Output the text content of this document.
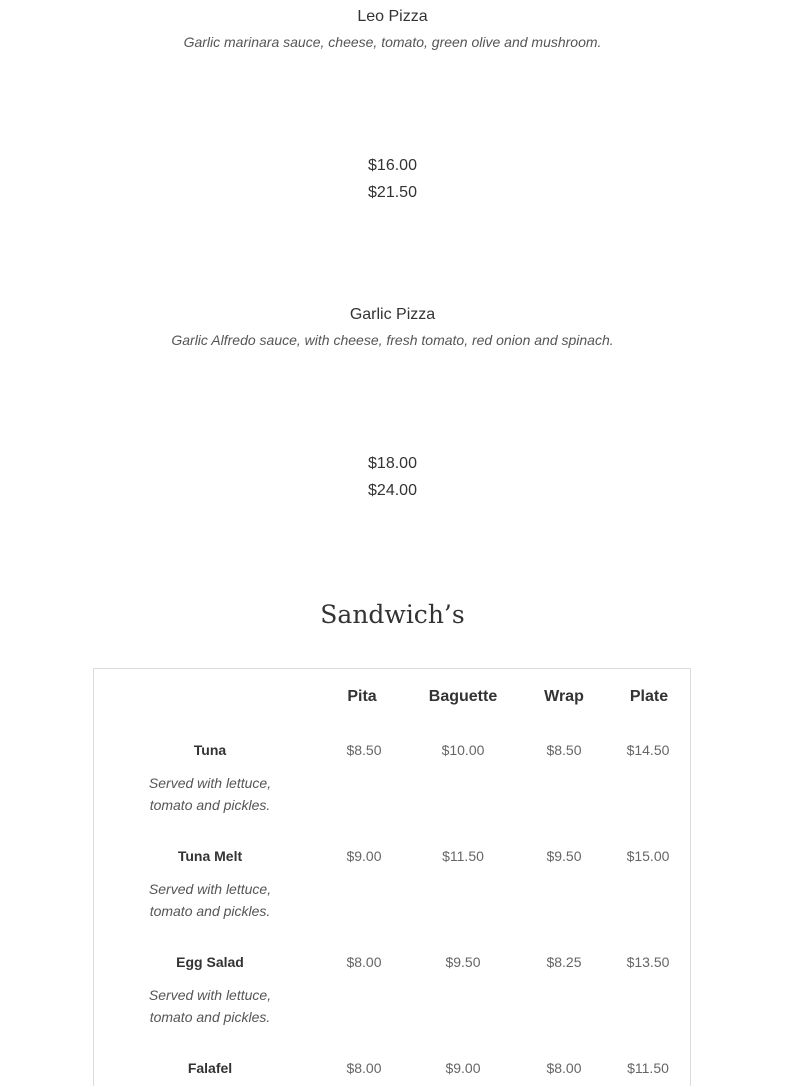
Leo Pizza
Garlic marinara sauce, cheese, tomato, green olive and mushroom.
$16.00
$21.50
Garlic Pizza
Garlic Alfredo sauce, with cheese, fresh tomato, red onion and spinach.
$18.00
$24.00
Sandwich’s
Pita	Baguette	Wrap	Plate
Tuna
Served with lettuce,
tomato and pickles.
$8.50	$10.00	$8.50	$14.50
Tuna Melt
Served with lettuce,
tomato and pickles.
$9.00	$11.50	$9.50	$15.00
Egg Salad
Served with lettuce,
tomato and pickles.
$8.00	$9.50	$8.25	$13.50
Falafel	$8.00	$9.00	$8.00	$11.50
